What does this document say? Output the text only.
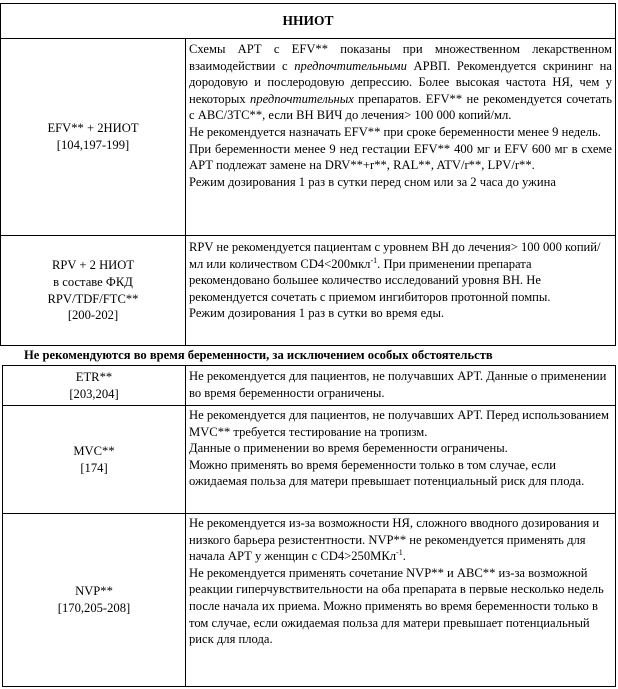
ННИОТ

EFV** + 2НИОТ

[104,197-199]

Схемы АРТ с EFV** показаны при множественном лекарственном взаимодействии с предпочтительными АРВП. Рекомендуется скрининг на дородовую и послеродовую депрессию. Более высокая частота НЯ, чем у некоторых предпочтительных препаратов. EFV** не рекомендуется сочетать с ABC/3TC**, если ВН ВИЧ до лечения> 100 000 копий/мл.

Не рекомендуется назначать EFV** при сроке беременности менее 9 недель.

При беременности менее 9 нед гестации EFV** 400 мг и EFV 600 мг в схеме АРТ подлежат замене на DRV**+r**, RAL**, ATV/r**, LPV/r**.

Режим дозирования 1 раз в сутки перед сном или за 2 часа до ужина

RPV + 2 НИОТ

в составе ФКД

RPV/TDF/FTC**

[200-202]

RPV не рекомендуется пациентам с уровнем ВН до лечения> 100 000 копий/мл или количеством CD4<200мкл$^{-1}$. При применении препарата рекомендовано большее количество исследований уровня ВН. Не рекомендуется сочетать с приемом ингибиторов протонной помпы.

Режим дозирования 1 раз в сутки во время еды.

Не рекомендуются во время беременности, за исключением особых обстоятельств

ETR**

[203,204]

Не рекомендуется для пациентов, не получавших АРТ. Данные о применении во время беременности ограничены.

MVC**

[174]

Не рекомендуется для пациентов, не получавших АРТ. Перед использованием MVC** требуется тестирование на тропизм.

Данные о применении во время беременности ограничены.

Можно применять во время беременности только в том случае, если ожидаемая польза для матери превышает потенциальный риск для плода.

NVP**

[170,205-208]

Не рекомендуется из-за возможности НЯ, сложного вводного дозирования и низкого барьера резистентности. NVP** не рекомендуется применять для начала АРТ у женщин с CD4>250МКл$^{-1}$.

Не рекомендуется применять сочетание NVP** и ABC** из-за возможной реакции гиперчувствительности на оба препарата в первые несколько недель после начала их приема. Можно применять во время беременности только в том случае, если ожидаемая польза для матери превышает потенциальный риск для плода.
